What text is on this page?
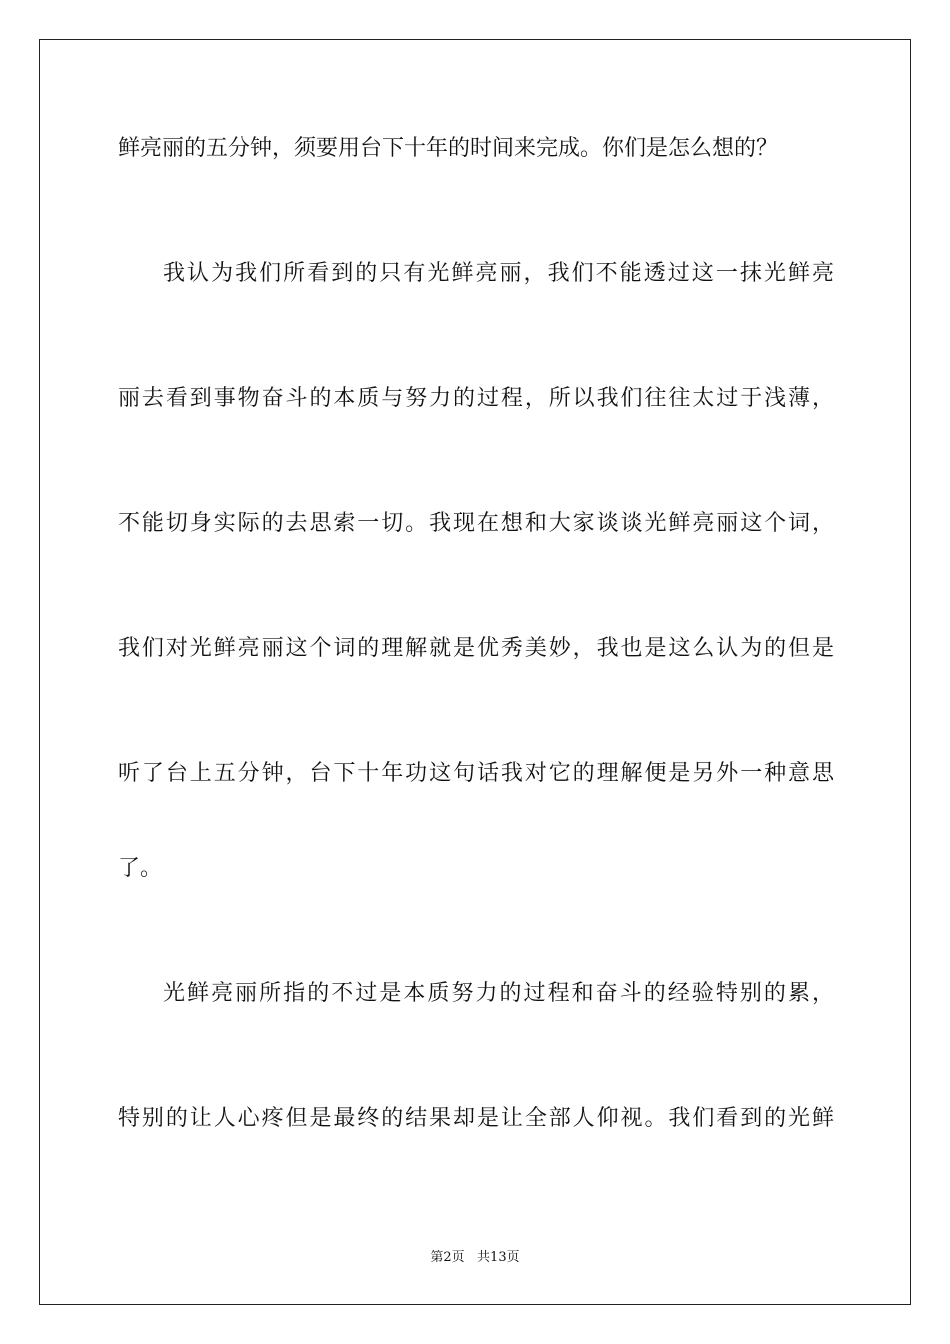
鲜亮丽的五分钟，须要用台下十年的时间来完成。你们是怎么想的？
我认为我们所看到的只有光鲜亮丽，我们不能透过这一抹光鲜亮
丽去看到事物奋斗的本质与努力的过程，所以我们往往太过于浅薄，
不能切身实际的去思索一切。我现在想和大家谈谈光鲜亮丽这个词，
我们对光鲜亮丽这个词的理解就是优秀美妙，我也是这么认为的但是
听了台上五分钟，台下十年功这句话我对它的理解便是另外一种意思
了。
光鲜亮丽所指的不过是本质努力的过程和奋斗的经验特别的累，
特别的让人心疼但是最终的结果却是让全部人仰视。我们看到的光鲜
第2页   共13页
